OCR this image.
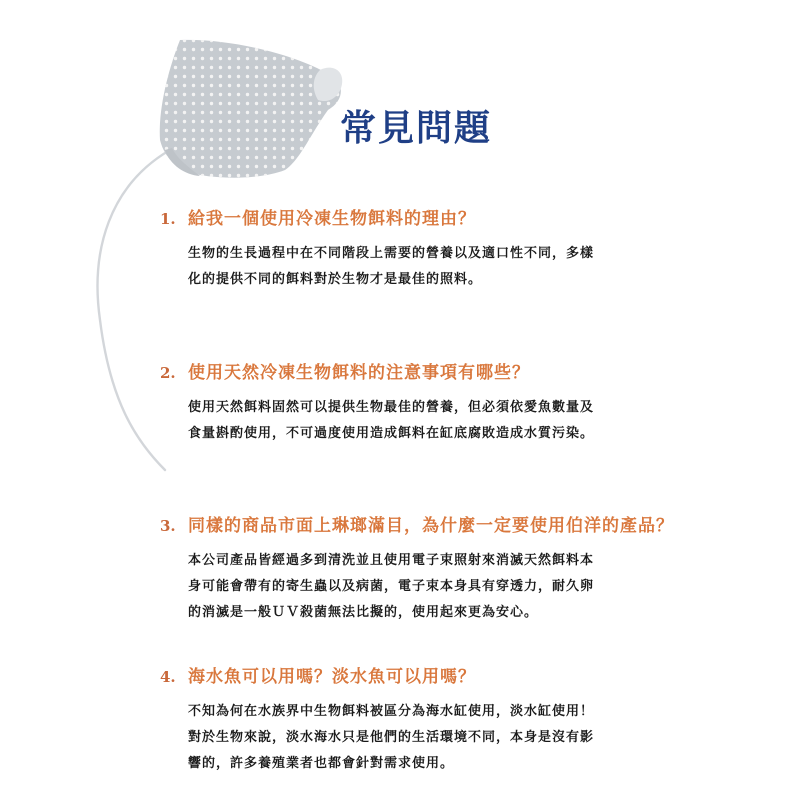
常見問題
1. 給我一個使用冷凍生物餌料的理由？
生物的生長過程中在不同階段上需要的營養以及適口性不同，多樣
化的提供不同的餌料對於生物才是最佳的照料。
2. 使用天然冷凍生物餌料的注意事項有哪些？
使用天然餌料固然可以提供生物最佳的營養，但必須依愛魚數量及
食量斟酌使用，不可過度使用造成餌料在缸底腐敗造成水質污染。
3. 同樣的商品市面上琳瑯滿目，為什麼一定要使用伯洋的產品？
本公司產品皆經過多到清洗並且使用電子束照射來消滅天然餌料本
身可能會帶有的寄生蟲以及病菌，電子束本身具有穿透力，耐久卵
的消滅是一般ＵＶ殺菌無法比擬的，使用起來更為安心。
4. 海水魚可以用嗎？淡水魚可以用嗎？
不知為何在水族界中生物餌料被區分為海水缸使用，淡水缸使用！
對於生物來說，淡水海水只是他們的生活環境不同，本身是沒有影
響的，許多養殖業者也都會針對需求使用。
